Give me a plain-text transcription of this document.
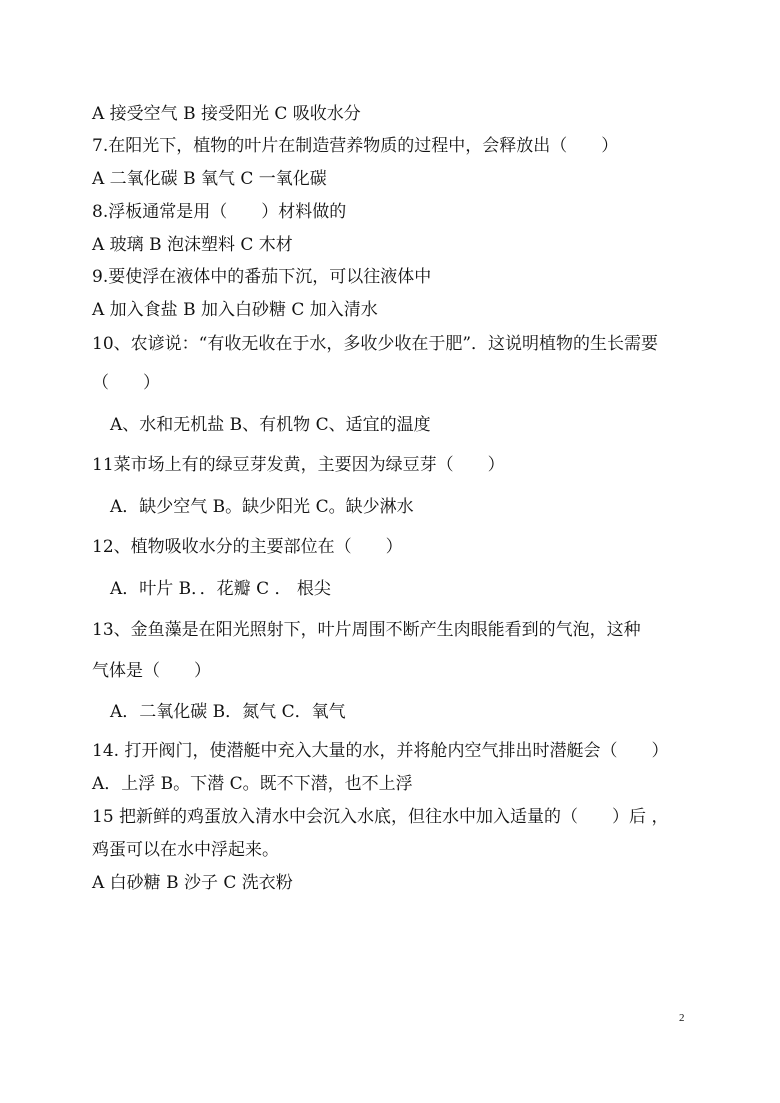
A 接受空气 B 接受阳光 C 吸收水分
7.在阳光下，植物的叶片在制造营养物质的过程中，会释放出（　　）
A 二氧化碳 B 氧气 C 一氧化碳
8.浮板通常是用（　　）材料做的
A 玻璃 B 泡沫塑料 C 木材
9.要使浮在液体中的番茄下沉，可以往液体中
A 加入食盐 B 加入白砂糖 C 加入清水
10、农谚说：“有收无收在于水，多收少收在于肥”．这说明植物的生长需要
（　　）
A、水和无机盐 B、有机物 C、适宜的温度
11菜市场上有的绿豆芽发黄，主要因为绿豆芽（　　）
A．缺少空气 B。缺少阳光 C。缺少淋水
12、植物吸收水分的主要部位在（　　）
A．叶片 B．．花瓣 C ． 根尖
13、金鱼藻是在阳光照射下，叶片周围不断产生肉眼能看到的气泡，这种
气体是（　　）
A．二氧化碳 B．氮气 C．氧气
14. 打开阀门，使潜艇中充入大量的水，并将舱内空气排出时潜艇会（　　）
A．上浮 B。下潜 C。既不下潜，也不上浮
15 把新鲜的鸡蛋放入清水中会沉入水底，但往水中加入适量的（　　）后 ，
鸡蛋可以在水中浮起来。
A 白砂糖 B 沙子 C 洗衣粉
2
